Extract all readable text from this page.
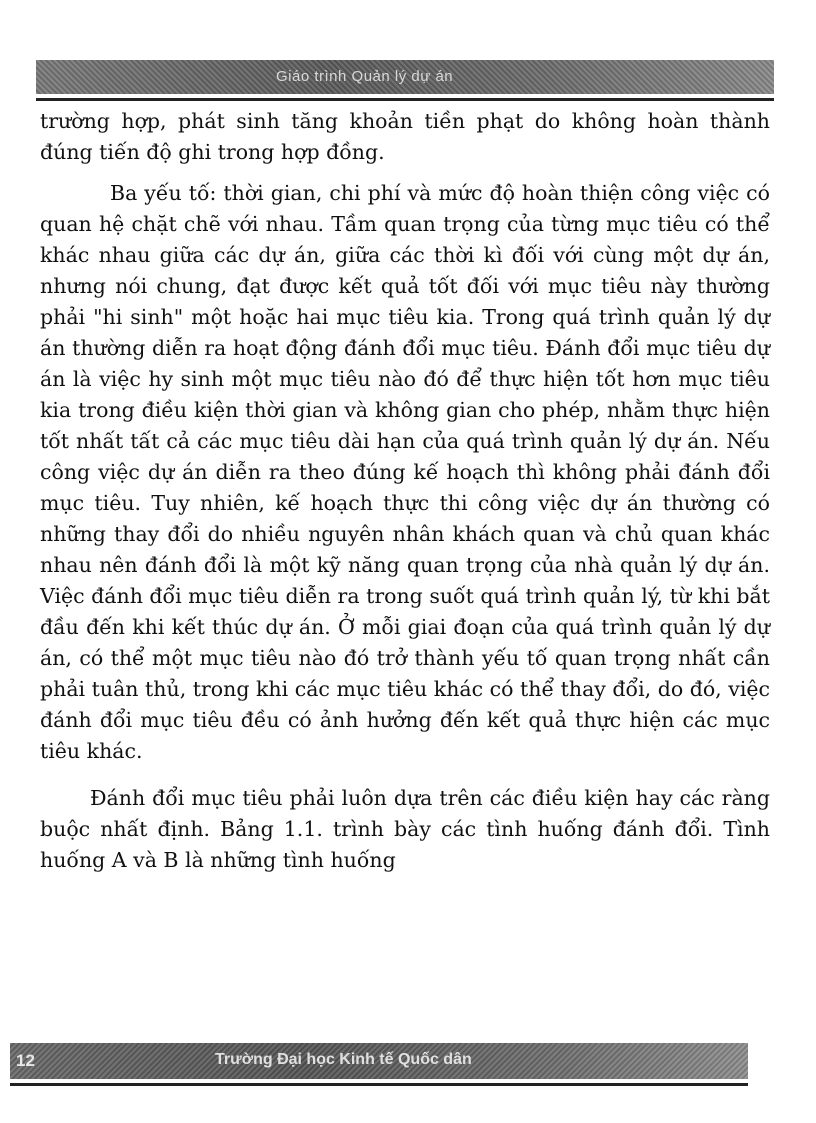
Giáo trình Quản lý dự án

trường hợp, phát sinh tăng khoản tiền phạt do không hoàn thành đúng tiến độ ghi trong hợp đồng.

Ba yếu tố: thời gian, chi phí và mức độ hoàn thiện công việc có quan hệ chặt chẽ với nhau. Tầm quan trọng của từng mục tiêu có thể khác nhau giữa các dự án, giữa các thời kì đối với cùng một dự án, nhưng nói chung, đạt được kết quả tốt đối với mục tiêu này thường phải "hi sinh" một hoặc hai mục tiêu kia. Trong quá trình quản lý dự án thường diễn ra hoạt động đánh đổi mục tiêu. Đánh đổi mục tiêu dự án là việc hy sinh một mục tiêu nào đó để thực hiện tốt hơn mục tiêu kia trong điều kiện thời gian và không gian cho phép, nhằm thực hiện tốt nhất tất cả các mục tiêu dài hạn của quá trình quản lý dự án. Nếu công việc dự án diễn ra theo đúng kế hoạch thì không phải đánh đổi mục tiêu. Tuy nhiên, kế hoạch thực thi công việc dự án thường có những thay đổi do nhiều nguyên nhân khách quan và chủ quan khác nhau nên đánh đổi là một kỹ năng quan trọng của nhà quản lý dự án. Việc đánh đổi mục tiêu diễn ra trong suốt quá trình quản lý, từ khi bắt đầu đến khi kết thúc dự án. Ở mỗi giai đoạn của quá trình quản lý dự án, có thể một mục tiêu nào đó trở thành yếu tố quan trọng nhất cần phải tuân thủ, trong khi các mục tiêu khác có thể thay đổi, do đó, việc đánh đổi mục tiêu đều có ảnh hưởng đến kết quả thực hiện các mục tiêu khác.

Đánh đổi mục tiêu phải luôn dựa trên các điều kiện hay các ràng buộc nhất định. Bảng 1.1. trình bày các tình huống đánh đổi. Tình huống A và B là những tình huống

12	Trường Đại học Kinh tế Quốc dân
